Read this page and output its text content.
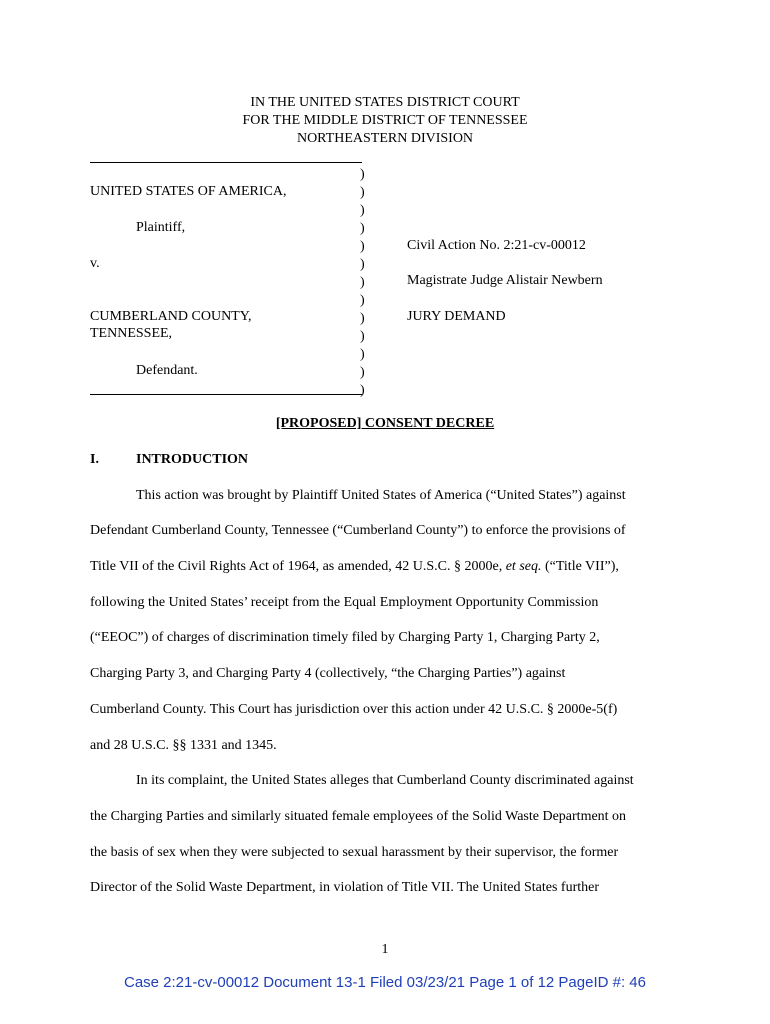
IN THE UNITED STATES DISTRICT COURT
FOR THE MIDDLE DISTRICT OF TENNESSEE
NORTHEASTERN DIVISION
)
)
)
)
)
)
)
)
)
)
)
)
)
UNITED STATES OF AMERICA,
Plaintiff,
v.
CUMBERLAND COUNTY,
TENNESSEE,
Defendant.
Civil Action No. 2:21-cv-00012
Magistrate Judge Alistair Newbern
JURY DEMAND
[PROPOSED] CONSENT DECREE
I.	INTRODUCTION
This action was brought by Plaintiff United States of America (“United States”) against
Defendant Cumberland County, Tennessee (“Cumberland County”) to enforce the provisions of
Title VII of the Civil Rights Act of 1964, as amended, 42 U.S.C. § 2000e, et seq. (“Title VII”),
following the United States’ receipt from the Equal Employment Opportunity Commission
(“EEOC”) of charges of discrimination timely filed by Charging Party 1, Charging Party 2,
Charging Party 3, and Charging Party 4 (collectively, “the Charging Parties”) against
Cumberland County. This Court has jurisdiction over this action under 42 U.S.C. § 2000e-5(f)
and 28 U.S.C. §§ 1331 and 1345.
In its complaint, the United States alleges that Cumberland County discriminated against
the Charging Parties and similarly situated female employees of the Solid Waste Department on
the basis of sex when they were subjected to sexual harassment by their supervisor, the former
Director of the Solid Waste Department, in violation of Title VII. The United States further
1
Case 2:21-cv-00012 Document 13-1 Filed 03/23/21 Page 1 of 12 PageID #: 46
